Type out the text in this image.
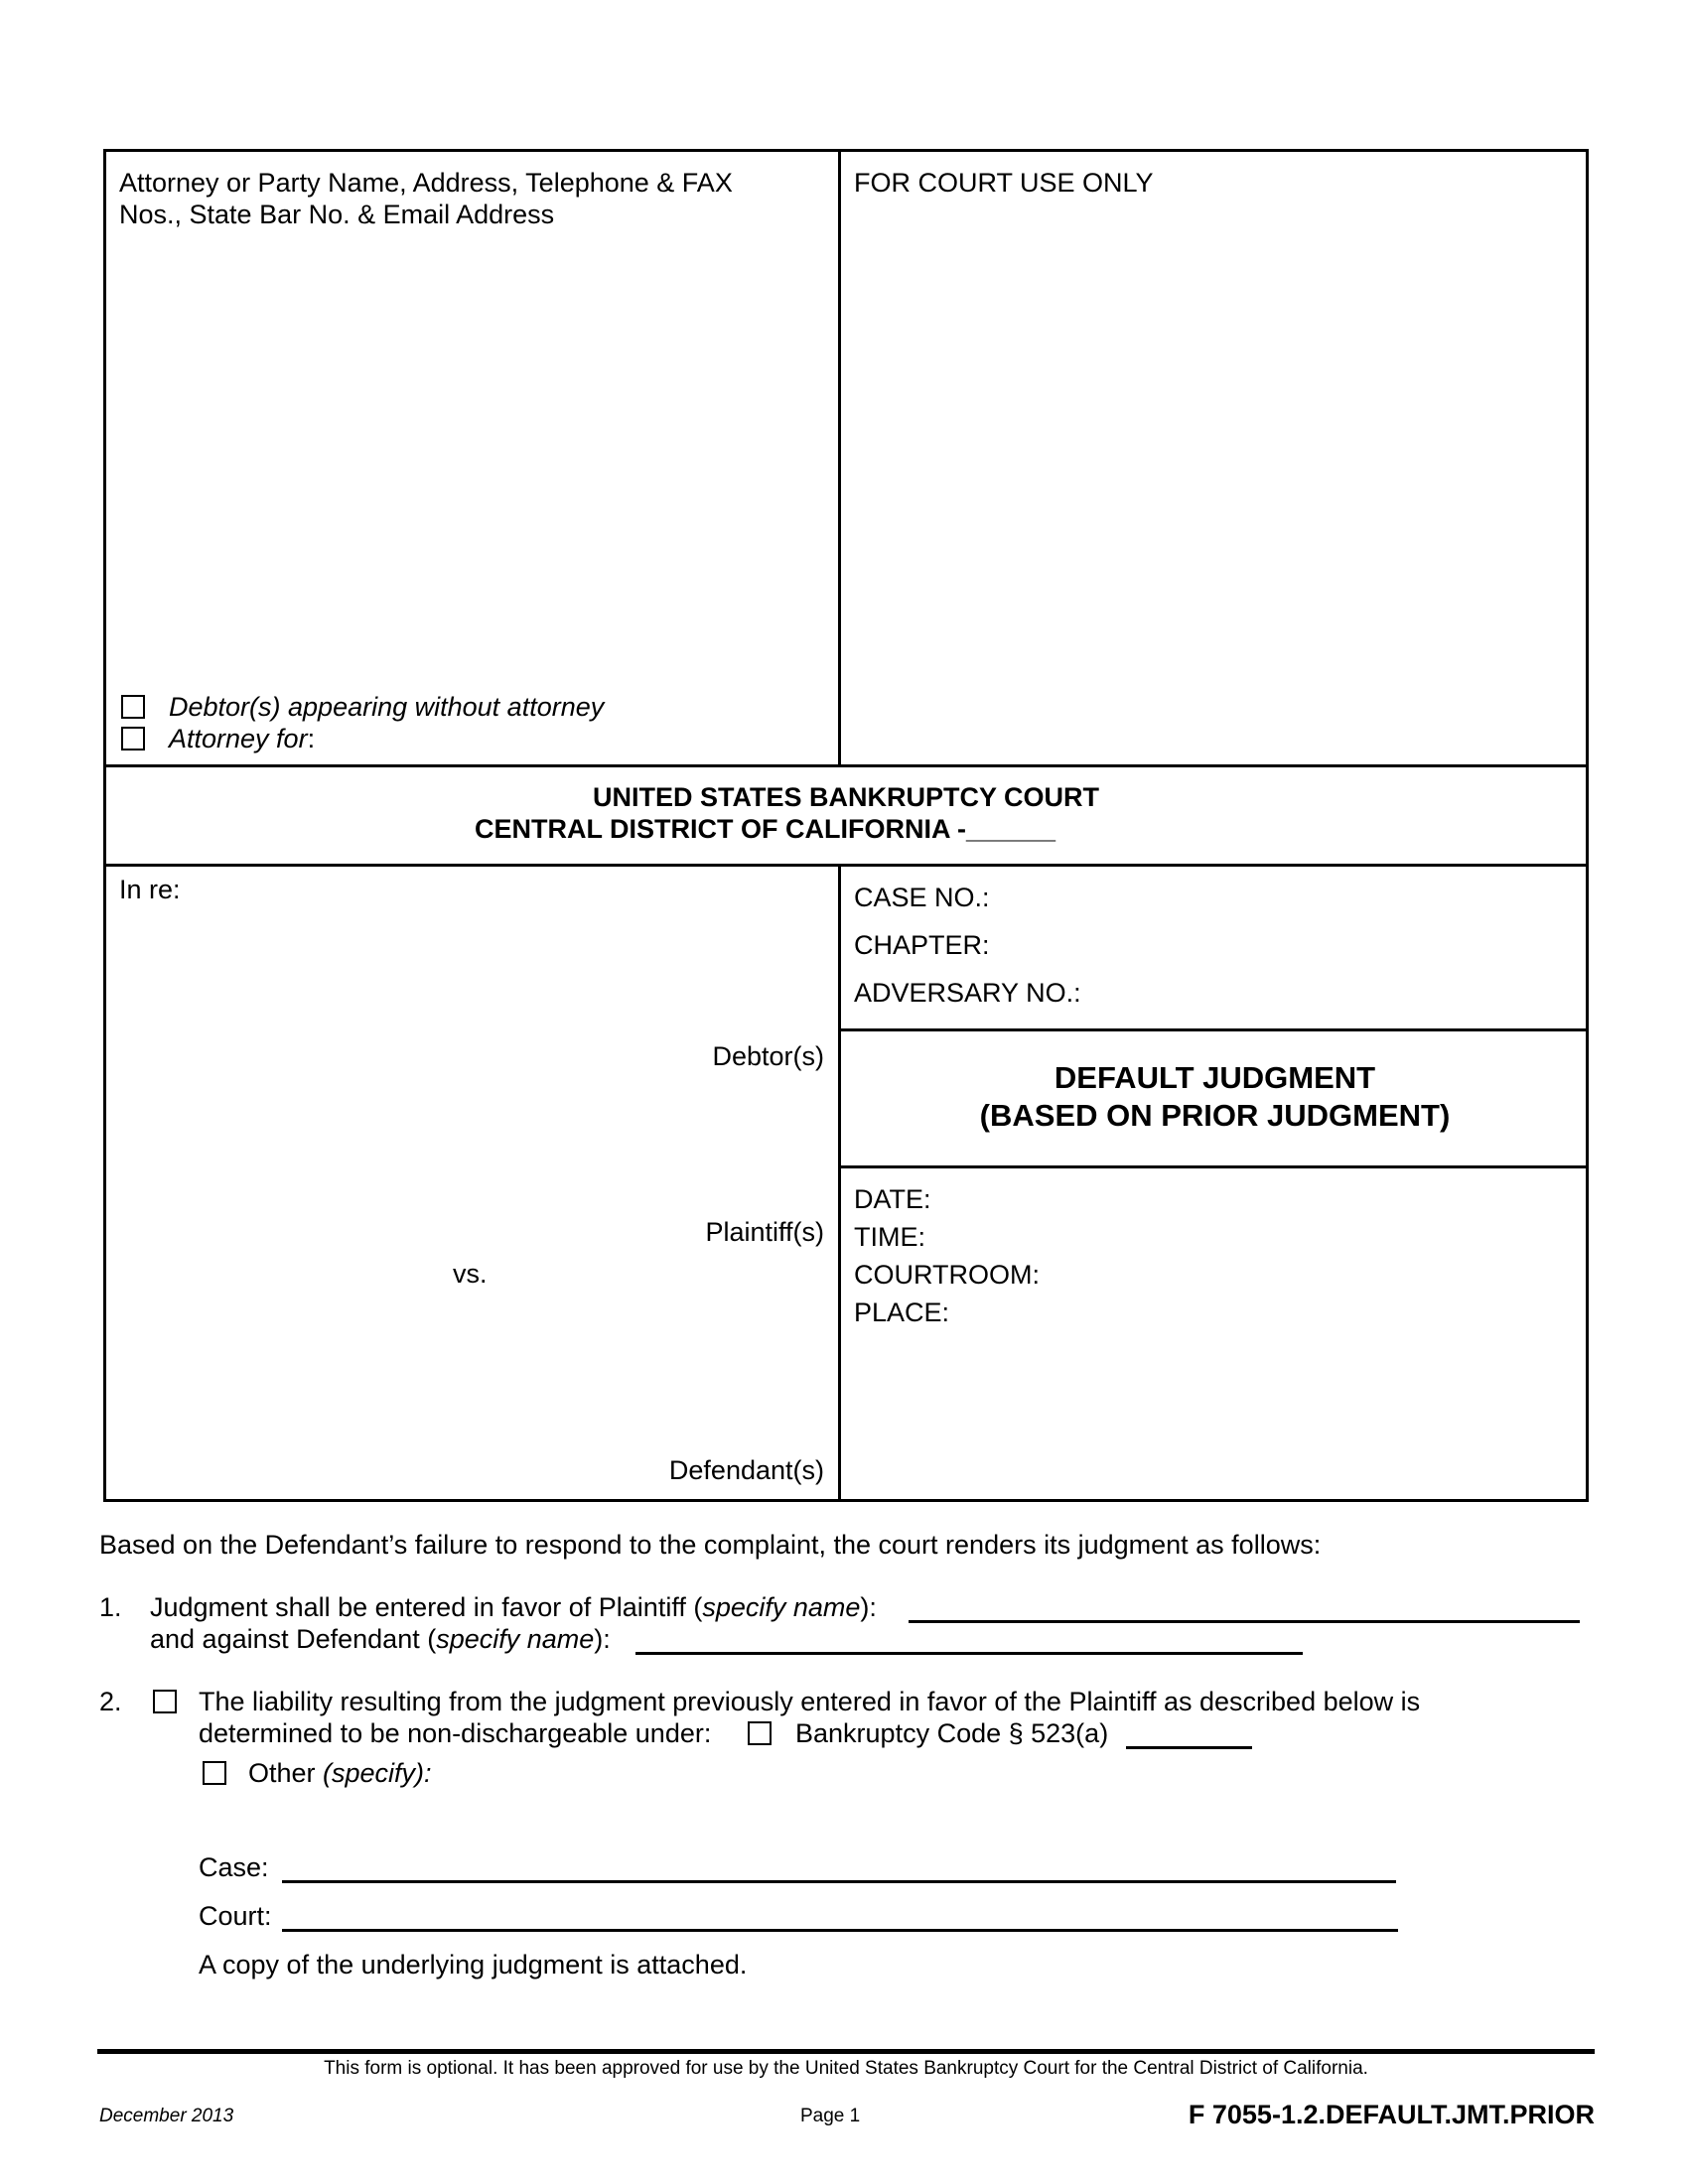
Attorney or Party Name, Address, Telephone & FAX
Nos., State Bar No. & Email Address
Debtor(s) appearing without attorney
Attorney for:
FOR COURT USE ONLY
UNITED STATES BANKRUPTCY COURT
CENTRAL DISTRICT OF CALIFORNIA -______
In re:
Debtor(s)
Plaintiff(s)
vs.
Defendant(s)
CASE NO.:
CHAPTER:
ADVERSARY NO.:
DEFAULT JUDGMENT
(BASED ON PRIOR JUDGMENT)
DATE:
TIME:
COURTROOM:
PLACE:
Based on the Defendant’s failure to respond to the complaint, the court renders its judgment as follows:
1. Judgment shall be entered in favor of Plaintiff (specify name):
and against Defendant (specify name):
2.	The liability resulting from the judgment previously entered in favor of the Plaintiff as described below is
determined to be non-dischargeable under:	Bankruptcy Code § 523(a)
Other (specify):
Case:
Court:
A copy of the underlying judgment is attached.
This form is optional. It has been approved for use by the United States Bankruptcy Court for the Central District of California.
December 2013	Page 1	F 7055-1.2.DEFAULT.JMT.PRIOR
